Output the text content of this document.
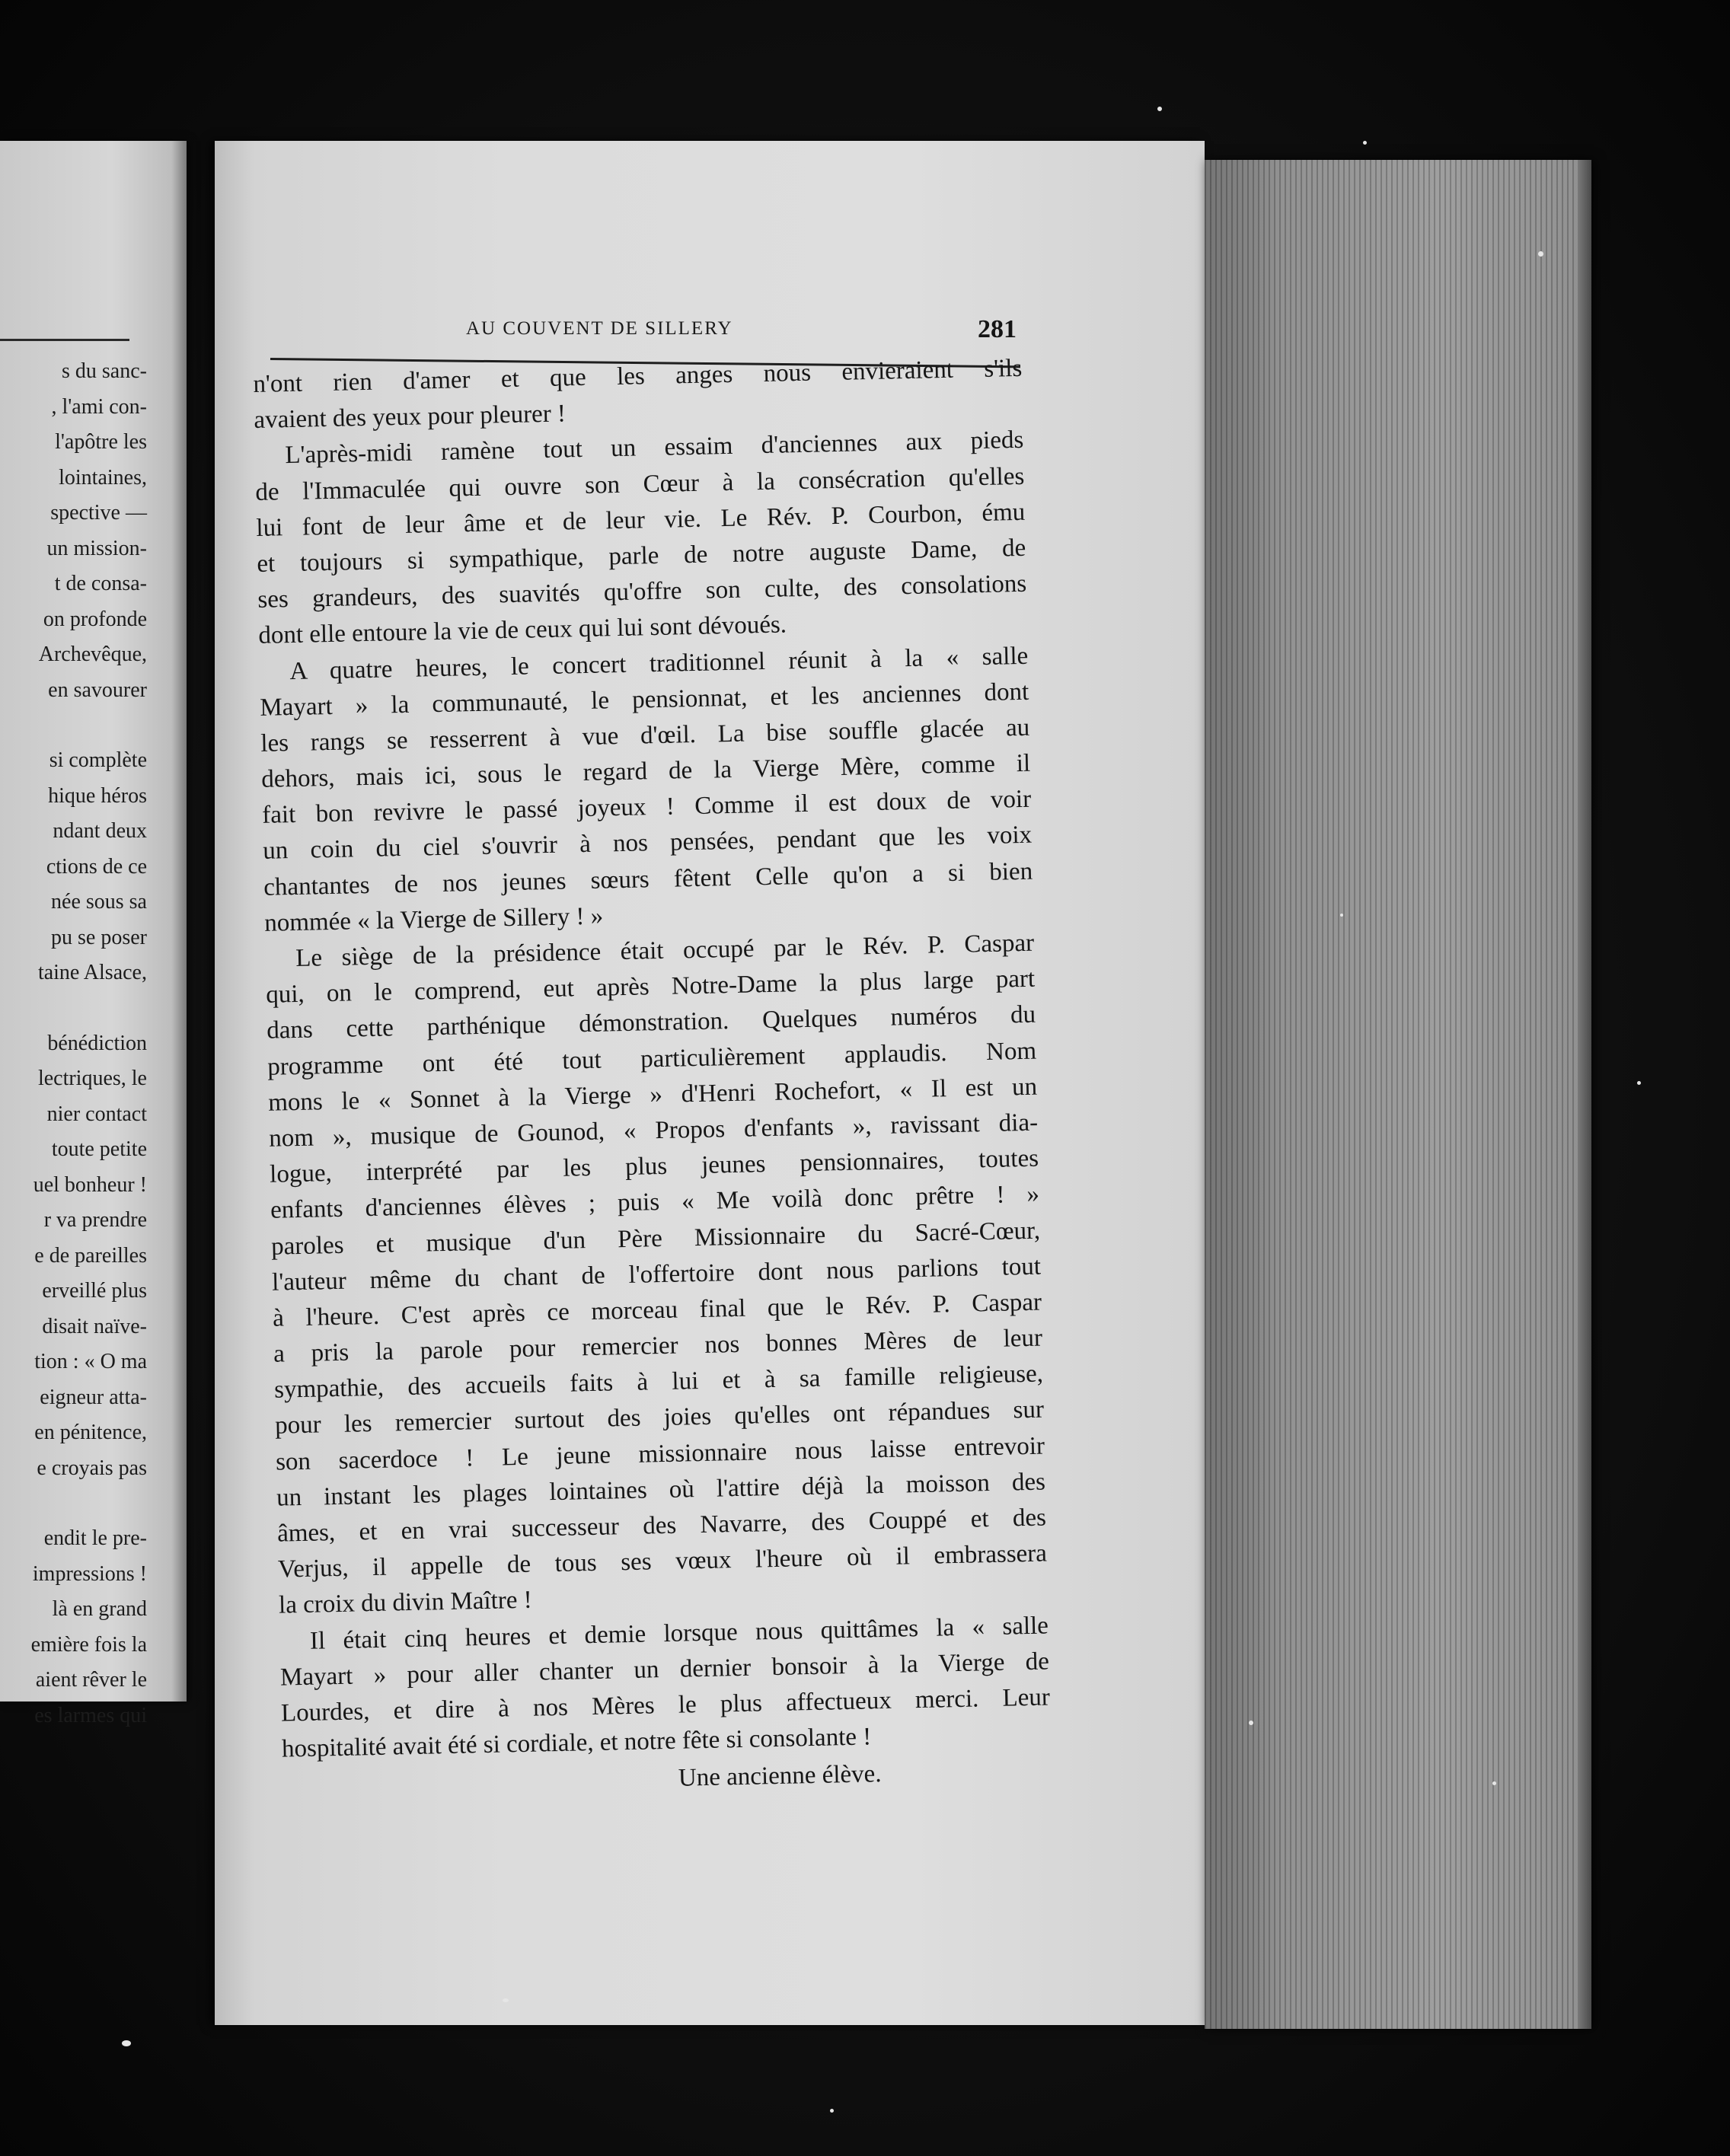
s du sanc-
, l'ami con-
l'apôtre les
lointaines,
spective —
un mission-
t de consa-
on profonde
Archevêque,
en savourer
si complète
hique héros
ndant deux
ctions de ce
née sous sa
pu se poser
taine Alsace,
bénédiction
lectriques, le
nier contact
toute petite
uel bonheur !
r va prendre
e de pareilles
erveillé plus
disait naïve-
tion : « O ma
eigneur atta-
en pénitence,
e croyais pas
endit le pre-
impressions !
là en grand
emière fois la
aient rêver le
es larmes qui
AU COUVENT DE SILLERY	281
n'ont rien d'amer et que les anges nous envieraient s'ils
avaient des yeux pour pleurer !
L'après-midi ramène tout un essaim d'anciennes aux pieds
de l'Immaculée qui ouvre son Cœur à la consécration qu'elles
lui font de leur âme et de leur vie. Le Rév. P. Courbon, ému
et toujours si sympathique, parle de notre auguste Dame, de
ses grandeurs, des suavités qu'offre son culte, des consolations
dont elle entoure la vie de ceux qui lui sont dévoués.
A quatre heures, le concert traditionnel réunit à la « salle
Mayart » la communauté, le pensionnat, et les anciennes dont
les rangs se resserrent à vue d'œil. La bise souffle glacée au
dehors, mais ici, sous le regard de la Vierge Mère, comme il
fait bon revivre le passé joyeux ! Comme il est doux de voir
un coin du ciel s'ouvrir à nos pensées, pendant que les voix
chantantes de nos jeunes sœurs fêtent Celle qu'on a si bien
nommée « la Vierge de Sillery ! »
Le siège de la présidence était occupé par le Rév. P. Caspar
qui, on le comprend, eut après Notre-Dame la plus large part
dans cette parthénique démonstration. Quelques numéros du
programme ont été tout particulièrement applaudis. Nom
mons le « Sonnet à la Vierge » d'Henri Rochefort, « Il est un
nom », musique de Gounod, « Propos d'enfants », ravissant dia-
logue, interprété par les plus jeunes pensionnaires, toutes
enfants d'anciennes élèves ; puis « Me voilà donc prêtre ! »
paroles et musique d'un Père Missionnaire du Sacré-Cœur,
l'auteur même du chant de l'offertoire dont nous parlions tout
à l'heure. C'est après ce morceau final que le Rév. P. Caspar
a pris la parole pour remercier nos bonnes Mères de leur
sympathie, des accueils faits à lui et à sa famille religieuse,
pour les remercier surtout des joies qu'elles ont répandues sur
son sacerdoce ! Le jeune missionnaire nous laisse entrevoir
un instant les plages lointaines où l'attire déjà la moisson des
âmes, et en vrai successeur des Navarre, des Couppé et des
Verjus, il appelle de tous ses vœux l'heure où il embrassera
la croix du divin Maître !
Il était cinq heures et demie lorsque nous quittâmes la « salle
Mayart » pour aller chanter un dernier bonsoir à la Vierge de
Lourdes, et dire à nos Mères le plus affectueux merci. Leur
hospitalité avait été si cordiale, et notre fête si consolante !
Une ancienne élève.
